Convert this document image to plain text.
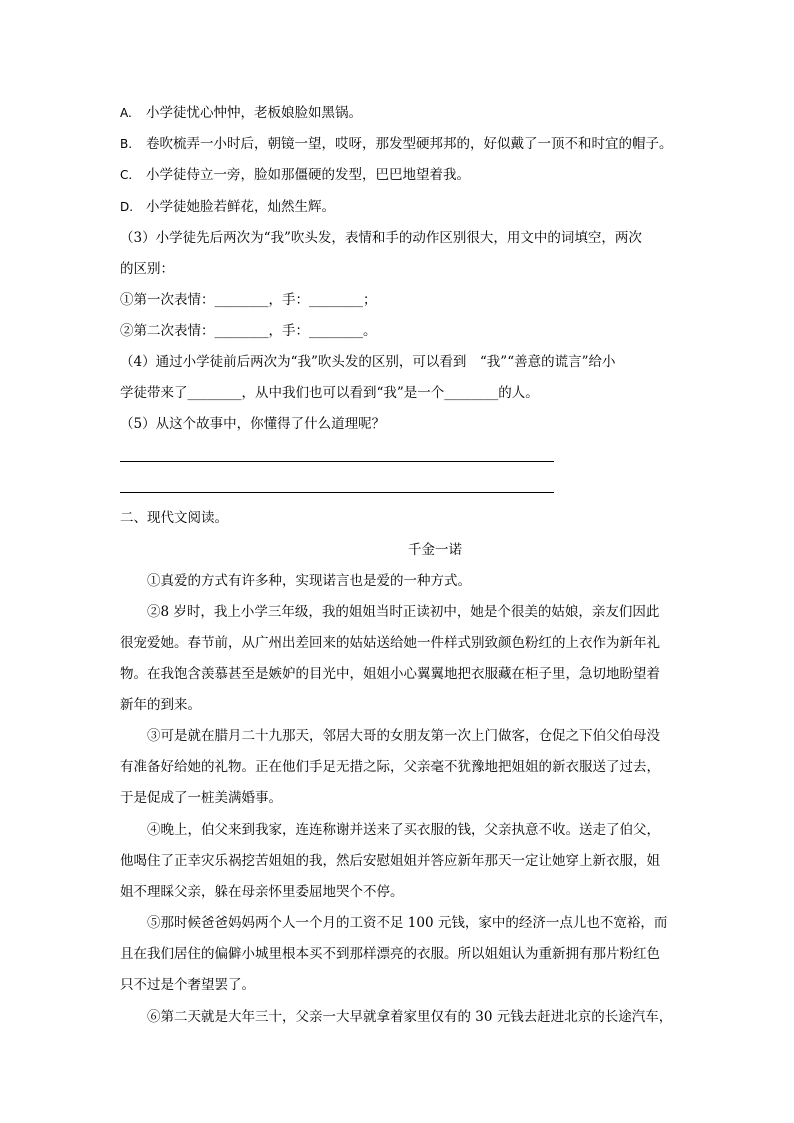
A. 小学徒忧心忡忡，老板娘脸如黑锅。
B. 卷吹梳弄一小时后，朝镜一望，哎呀，那发型硬邦邦的，好似戴了一顶不和时宜的帽子。
C. 小学徒侍立一旁，脸如那僵硬的发型，巴巴地望着我。
D. 小学徒她脸若鲜花，灿然生辉。
（3）小学徒先后两次为“我”吹头发，表情和手的动作区别很大，用文中的词填空，两次
的区别：
①第一次表情：________，手：________；
②第二次表情：________，手：________。
（4）通过小学徒前后两次为“我”吹头发的区别，可以看到　“我”“善意的谎言”给小
学徒带来了________，从中我们也可以看到“我”是一个________的人。
（5）从这个故事中，你懂得了什么道理呢？
二、现代文阅读。
千金一诺
①真爱的方式有许多种，实现诺言也是爱的一种方式。
②8 岁时，我上小学三年级，我的姐姐当时正读初中，她是个很美的姑娘，亲友们因此
很宠爱她。春节前，从广州出差回来的姑姑送给她一件样式别致颜色粉红的上衣作为新年礼
物。在我饱含羡慕甚至是嫉妒的目光中，姐姐小心翼翼地把衣服藏在柜子里，急切地盼望着
新年的到来。
③可是就在腊月二十九那天，邻居大哥的女朋友第一次上门做客，仓促之下伯父伯母没
有准备好给她的礼物。正在他们手足无措之际，父亲毫不犹豫地把姐姐的新衣服送了过去，
于是促成了一桩美满婚事。
④晚上，伯父来到我家，连连称谢并送来了买衣服的钱，父亲执意不收。送走了伯父，
他喝住了正幸灾乐祸挖苦姐姐的我，然后安慰姐姐并答应新年那天一定让她穿上新衣服，姐
姐不理睬父亲，躲在母亲怀里委屈地哭个不停。
⑤那时候爸爸妈妈两个人一个月的工资不足 100 元钱，家中的经济一点儿也不宽裕，而
且在我们居住的偏僻小城里根本买不到那样漂亮的衣服。所以姐姐认为重新拥有那片粉红色
只不过是个奢望罢了。
⑥第二天就是大年三十，父亲一大早就拿着家里仅有的 30 元钱去赶进北京的长途汽车，
